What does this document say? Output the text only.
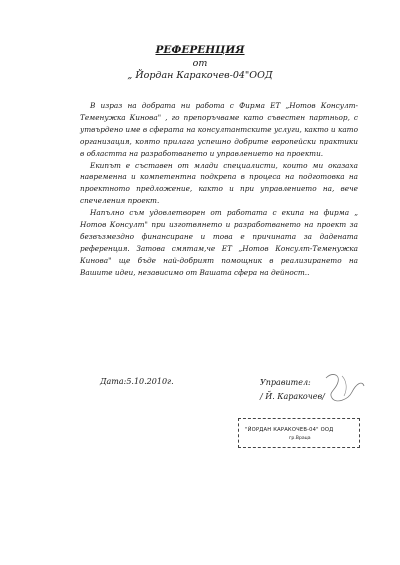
РЕФЕРЕНЦИЯ
от
„ Йордан Каракочев-04"ООД

В израз на добрата ни работа с Фирма ЕТ „Нотов Консулт- Теменужка Кинова" , го препоръчваме като съвестен партньор, с утвърдено име в сферата на консултантските услуги, както и като организация, която прилага успешно добрите европейски практики в областта на разработването и управлението на проекти.

Екипът е съставен от млади специалисти, които ми оказаха навременна и компетентна подкрепа в процеса на подготовка на проектното предложение, както и при управлението на, вече спечеления проект.

Напълно съм удовлетворен от работата с екипа на фирма „ Нотов Консулт" при изготвянето и разработването на проект за безвъзмездно финансиране и това е причината за дадената референция. Затова смятам,че ЕТ „Нотов Консулт-Теменужка Кинова" ще бъде най-добрият помощник в реализирането на Вашите идеи, независимо от Вашата сфера на дейност..

Дата:5.10.2010г.	Управител:
/ Й. Каракочев/
"ЙОРДАН КАРАКОЧЕВ-04" ООД
гр.Враца
